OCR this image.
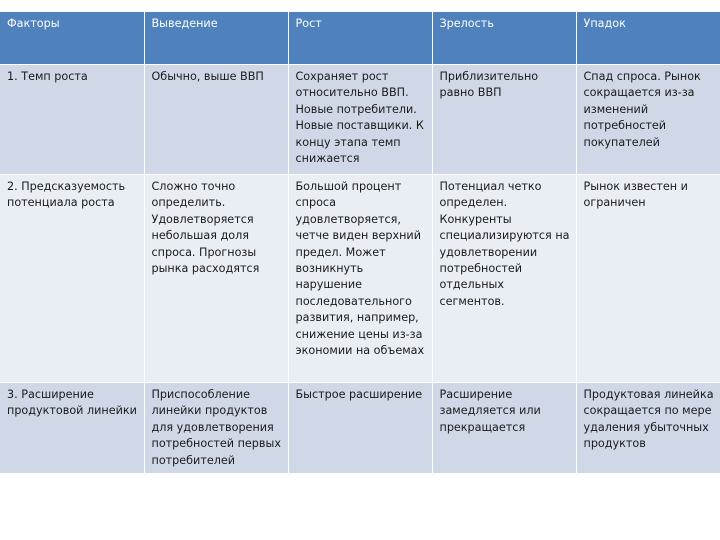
Факторы	Выведение	Рост	Зрелость	Упадок
1. Темп роста	Обычно, выше ВВП	Сохраняет рост относительно ВВП. Новые потребители. Новые поставщики. К концу этапа темп снижается	Приблизительно равно ВВП	Спад спроса. Рынок сокращается из-за изменений потребностей покупателей
2. Предсказуемость потенциала роста	Сложно точно определить. Удовлетворяется небольшая доля спроса. Прогнозы рынка расходятся	Большой процент спроса удовлетворяется, четче виден верхний предел. Может возникнуть нарушение последовательного развития, например, снижение цены из-за экономии на объемах	Потенциал четко определен. Конкуренты специализируются на удовлетворении потребностей отдельных сегментов.	Рынок известен и ограничен
3. Расширение продуктовой линейки	Приспособление линейки продуктов для удовлетворения потребностей первых потребителей	Быстрое расширение	Расширение замедляется или прекращается	Продуктовая линейка сокращается по мере удаления убыточных продуктов
